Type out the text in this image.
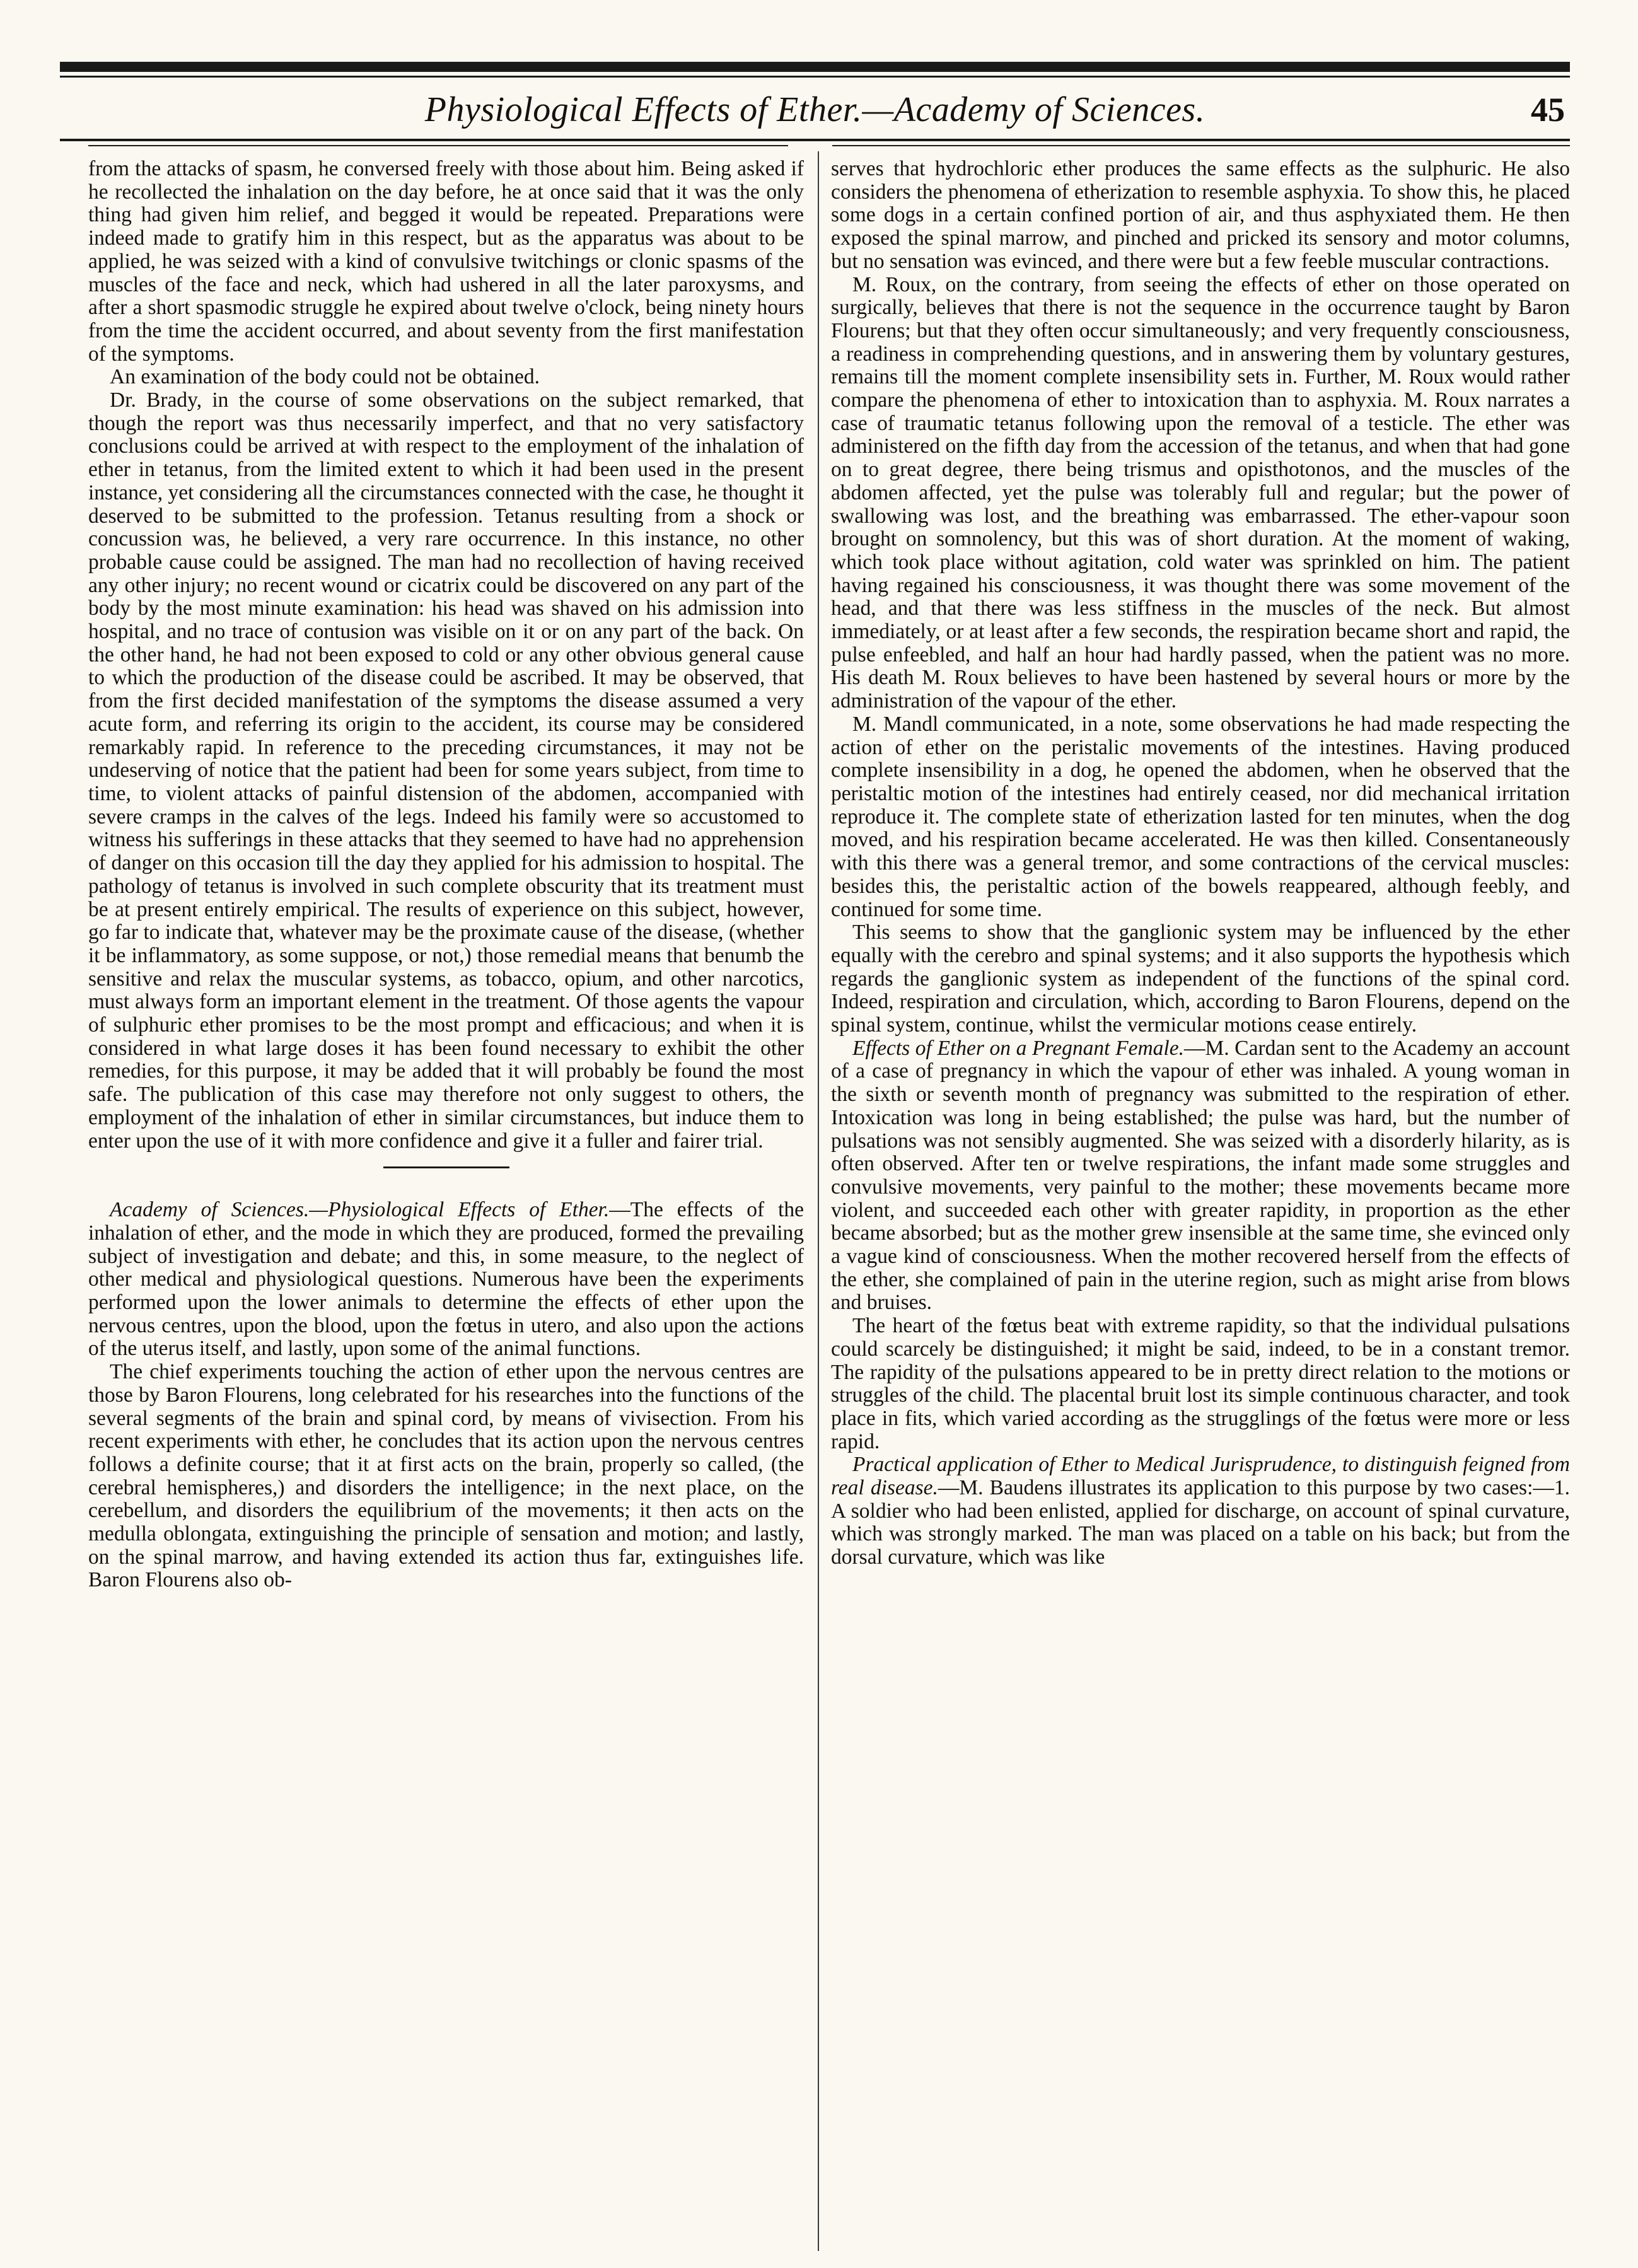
Physiological Effects of Ether.—Academy of Sciences.	45

from the attacks of spasm, he conversed freely with those about him. Being asked if he recollected the inhalation on the day before, he at once said that it was the only thing had given him relief, and begged it would be repeated. Preparations were indeed made to gratify him in this respect, but as the apparatus was about to be applied, he was seized with a kind of convulsive twitchings or clonic spasms of the muscles of the face and neck, which had ushered in all the later paroxysms, and after a short spasmodic struggle he expired about twelve o'clock, being ninety hours from the time the accident occurred, and about seventy from the first manifestation of the symptoms.

An examination of the body could not be obtained.

Dr. Brady, in the course of some observations on the subject remarked, that though the report was thus necessarily imperfect, and that no very satisfactory conclusions could be arrived at with respect to the employment of the inhalation of ether in tetanus, from the limited extent to which it had been used in the present instance, yet considering all the circumstances connected with the case, he thought it deserved to be submitted to the profession. Tetanus resulting from a shock or concussion was, he believed, a very rare occurrence. In this instance, no other probable cause could be assigned. The man had no recollection of having received any other injury; no recent wound or cicatrix could be discovered on any part of the body by the most minute examination: his head was shaved on his admission into hospital, and no trace of contusion was visible on it or on any part of the back. On the other hand, he had not been exposed to cold or any other obvious general cause to which the production of the disease could be ascribed. It may be observed, that from the first decided manifestation of the symptoms the disease assumed a very acute form, and referring its origin to the accident, its course may be considered remarkably rapid. In reference to the preceding circumstances, it may not be undeserving of notice that the patient had been for some years subject, from time to time, to violent attacks of painful distension of the abdomen, accompanied with severe cramps in the calves of the legs. Indeed his family were so accustomed to witness his sufferings in these attacks that they seemed to have had no apprehension of danger on this occasion till the day they applied for his admission to hospital. The pathology of tetanus is involved in such complete obscurity that its treatment must be at present entirely empirical. The results of experience on this subject, however, go far to indicate that, whatever may be the proximate cause of the disease, (whether it be inflammatory, as some suppose, or not,) those remedial means that benumb the sensitive and relax the muscular systems, as tobacco, opium, and other narcotics, must always form an important element in the treatment. Of those agents the vapour of sulphuric ether promises to be the most prompt and efficacious; and when it is considered in what large doses it has been found necessary to exhibit the other remedies, for this purpose, it may be added that it will probably be found the most safe. The publication of this case may therefore not only suggest to others, the employment of the inhalation of ether in similar circumstances, but induce them to enter upon the use of it with more confidence and give it a fuller and fairer trial.

Academy of Sciences.—Physiological Effects of Ether.—The effects of the inhalation of ether, and the mode in which they are produced, formed the prevailing subject of investigation and debate; and this, in some measure, to the neglect of other medical and physiological questions. Numerous have been the experiments performed upon the lower animals to determine the effects of ether upon the nervous centres, upon the blood, upon the fœtus in utero, and also upon the actions of the uterus itself, and lastly, upon some of the animal functions.

The chief experiments touching the action of ether upon the nervous centres are those by Baron Flourens, long celebrated for his researches into the functions of the several segments of the brain and spinal cord, by means of vivisection. From his recent experiments with ether, he concludes that its action upon the nervous centres follows a definite course; that it at first acts on the brain, properly so called, (the cerebral hemispheres,) and disorders the intelligence; in the next place, on the cerebellum, and disorders the equilibrium of the movements; it then acts on the medulla oblongata, extinguishing the principle of sensation and motion; and lastly, on the spinal marrow, and having extended its action thus far, extinguishes life. Baron Flourens also ob-

serves that hydrochloric ether produces the same effects as the sulphuric. He also considers the phenomena of etherization to resemble asphyxia. To show this, he placed some dogs in a certain confined portion of air, and thus asphyxiated them. He then exposed the spinal marrow, and pinched and pricked its sensory and motor columns, but no sensation was evinced, and there were but a few feeble muscular contractions.

M. Roux, on the contrary, from seeing the effects of ether on those operated on surgically, believes that there is not the sequence in the occurrence taught by Baron Flourens; but that they often occur simultaneously; and very frequently consciousness, a readiness in comprehending questions, and in answering them by voluntary gestures, remains till the moment complete insensibility sets in. Further, M. Roux would rather compare the phenomena of ether to intoxication than to asphyxia. M. Roux narrates a case of traumatic tetanus following upon the removal of a testicle. The ether was administered on the fifth day from the accession of the tetanus, and when that had gone on to great degree, there being trismus and opisthotonos, and the muscles of the abdomen affected, yet the pulse was tolerably full and regular; but the power of swallowing was lost, and the breathing was embarrassed. The ether-vapour soon brought on somnolency, but this was of short duration. At the moment of waking, which took place without agitation, cold water was sprinkled on him. The patient having regained his consciousness, it was thought there was some movement of the head, and that there was less stiffness in the muscles of the neck. But almost immediately, or at least after a few seconds, the respiration became short and rapid, the pulse enfeebled, and half an hour had hardly passed, when the patient was no more. His death M. Roux believes to have been hastened by several hours or more by the administration of the vapour of the ether.

M. Mandl communicated, in a note, some observations he had made respecting the action of ether on the peristalic movements of the intestines. Having produced complete insensibility in a dog, he opened the abdomen, when he observed that the peristaltic motion of the intestines had entirely ceased, nor did mechanical irritation reproduce it. The complete state of etherization lasted for ten minutes, when the dog moved, and his respiration became accelerated. He was then killed. Consentaneously with this there was a general tremor, and some contractions of the cervical muscles: besides this, the peristaltic action of the bowels reappeared, although feebly, and continued for some time.

This seems to show that the ganglionic system may be influenced by the ether equally with the cerebro and spinal systems; and it also supports the hypothesis which regards the ganglionic system as independent of the functions of the spinal cord. Indeed, respiration and circulation, which, according to Baron Flourens, depend on the spinal system, continue, whilst the vermicular motions cease entirely.

Effects of Ether on a Pregnant Female.—M. Cardan sent to the Academy an account of a case of pregnancy in which the vapour of ether was inhaled. A young woman in the sixth or seventh month of pregnancy was submitted to the respiration of ether. Intoxication was long in being established; the pulse was hard, but the number of pulsations was not sensibly augmented. She was seized with a disorderly hilarity, as is often observed. After ten or twelve respirations, the infant made some struggles and convulsive movements, very painful to the mother; these movements became more violent, and succeeded each other with greater rapidity, in proportion as the ether became absorbed; but as the mother grew insensible at the same time, she evinced only a vague kind of consciousness. When the mother recovered herself from the effects of the ether, she complained of pain in the uterine region, such as might arise from blows and bruises.

The heart of the fœtus beat with extreme rapidity, so that the individual pulsations could scarcely be distinguished; it might be said, indeed, to be in a constant tremor. The rapidity of the pulsations appeared to be in pretty direct relation to the motions or struggles of the child. The placental bruit lost its simple continuous character, and took place in fits, which varied according as the strugglings of the fœtus were more or less rapid.

Practical application of Ether to Medical Jurisprudence, to distinguish feigned from real disease.—M. Baudens illustrates its application to this purpose by two cases:—1. A soldier who had been enlisted, applied for discharge, on account of spinal curvature, which was strongly marked. The man was placed on a table on his back; but from the dorsal curvature, which was like
